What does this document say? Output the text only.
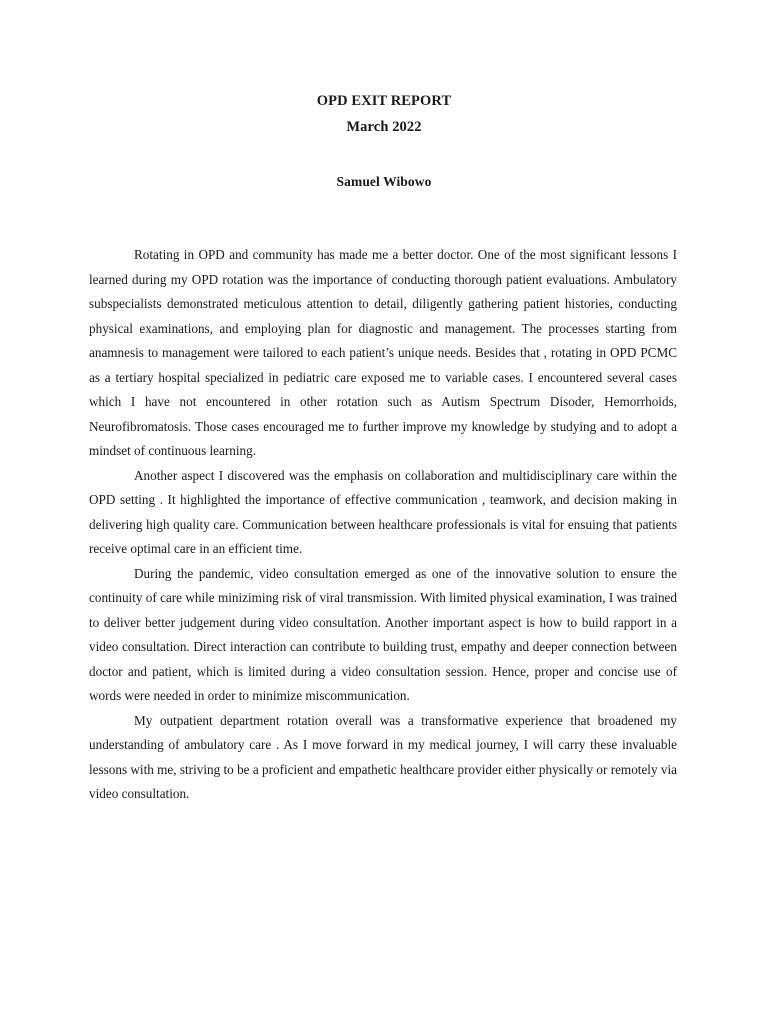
OPD EXIT REPORT
March 2022
Samuel Wibowo

Rotating in OPD and community has made me a better doctor. One of the most significant lessons I learned during my OPD rotation was the importance of conducting thorough patient evaluations. Ambulatory subspecialists demonstrated meticulous attention to detail, diligently gathering patient histories, conducting physical examinations, and employing plan for diagnostic and management. The processes starting from anamnesis to management were tailored to each patient’s unique needs. Besides that , rotating in OPD PCMC as a tertiary hospital specialized in pediatric care exposed me to variable cases. I encountered several cases which I have not encountered in other rotation such as Autism Spectrum Disoder, Hemorrhoids, Neurofibromatosis. Those cases encouraged me to further improve my knowledge by studying and to adopt a mindset of continuous learning.

Another aspect I discovered was the emphasis on collaboration and multidisciplinary care within the OPD setting . It highlighted the importance of effective communication , teamwork, and decision making in delivering high quality care. Communication between healthcare professionals is vital for ensuing that patients receive optimal care in an efficient time.

During the pandemic, video consultation emerged as one of the innovative solution to ensure the continuity of care while miniziming risk of viral transmission. With limited physical examination, I was trained to deliver better judgement during video consultation. Another important aspect is how to build rapport in a video consultation. Direct interaction can contribute to building trust, empathy and deeper connection between doctor and patient, which is limited during a video consultation session. Hence, proper and concise use of words were needed in order to minimize miscommunication.

My outpatient department rotation overall was a transformative experience that broadened my understanding of ambulatory care . As I move forward in my medical journey, I will carry these invaluable lessons with me, striving to be a proficient and empathetic healthcare provider either physically or remotely via video consultation.
